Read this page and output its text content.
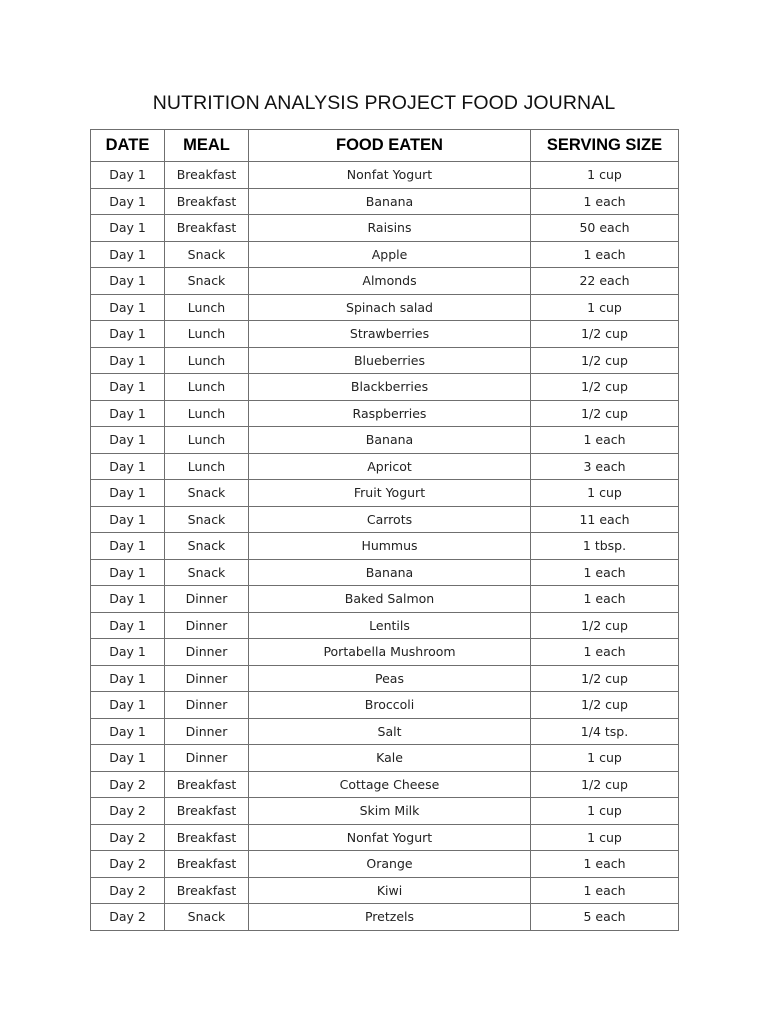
NUTRITION ANALYSIS PROJECT FOOD JOURNAL
DATE	MEAL	FOOD EATEN	SERVING SIZE
Day 1	Breakfast	Nonfat Yogurt	1 cup
Day 1	Breakfast	Banana	1 each
Day 1	Breakfast	Raisins	50 each
Day 1	Snack	Apple	1 each
Day 1	Snack	Almonds	22 each
Day 1	Lunch	Spinach salad	1 cup
Day 1	Lunch	Strawberries	1/2 cup
Day 1	Lunch	Blueberries	1/2 cup
Day 1	Lunch	Blackberries	1/2 cup
Day 1	Lunch	Raspberries	1/2 cup
Day 1	Lunch	Banana	1 each
Day 1	Lunch	Apricot	3 each
Day 1	Snack	Fruit Yogurt	1 cup
Day 1	Snack	Carrots	11 each
Day 1	Snack	Hummus	1 tbsp.
Day 1	Snack	Banana	1 each
Day 1	Dinner	Baked Salmon	1 each
Day 1	Dinner	Lentils	1/2 cup
Day 1	Dinner	Portabella Mushroom	1 each
Day 1	Dinner	Peas	1/2 cup
Day 1	Dinner	Broccoli	1/2 cup
Day 1	Dinner	Salt	1/4 tsp.
Day 1	Dinner	Kale	1 cup
Day 2	Breakfast	Cottage Cheese	1/2 cup
Day 2	Breakfast	Skim Milk	1 cup
Day 2	Breakfast	Nonfat Yogurt	1 cup
Day 2	Breakfast	Orange	1 each
Day 2	Breakfast	Kiwi	1 each
Day 2	Snack	Pretzels	5 each
